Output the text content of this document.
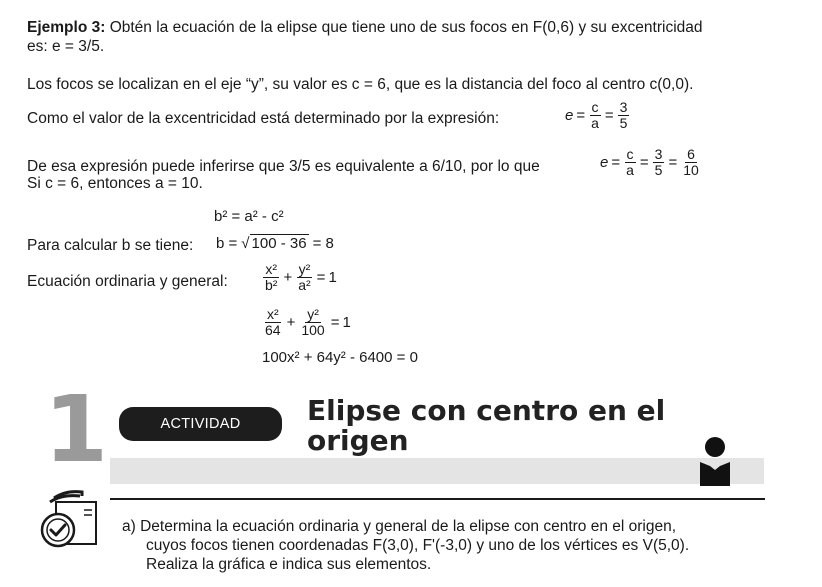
Ejemplo 3: Obtén la ecuación de la elipse que tiene uno de sus focos en F(0,6) y su excentricidad
es: e = 3/5.
Los focos se localizan en el eje “y”, su valor es c = 6, que es la distancia del foco al centro c(0,0).
Como el valor de la excentricidad está determinado por la expresión:	$e = \frac{c}{a} = \frac{3}{5}$
De esa expresión puede inferirse que 3/5 es equivalente a 6/10, por lo que
Si c = 6, entonces a = 10.
$e = \frac{c}{a} = \frac{3}{5} = \frac{6}{10}$
b² = a² - c²
Para calcular b se tiene: b = √ 100 - 36 = 8
Ecuación ordinaria y general:	$\frac{\text{x²}}{\text{b²}} + \frac{\text{y²}}{\text{a²}} = 1$
$\frac{\text{x²}}{64} + \frac{\text{y²}}{100} = 1$
100x² + 64y² - 6400 = 0
1	ACTIVIDAD	Elipse con centro en el
origen
a) Determina la ecuación ordinaria y general de la elipse con centro en el origen,
cuyos focos tienen coordenadas F(3,0), F'(-3,0) y uno de los vértices es V(5,0).
Realiza la gráfica e indica sus elementos.
